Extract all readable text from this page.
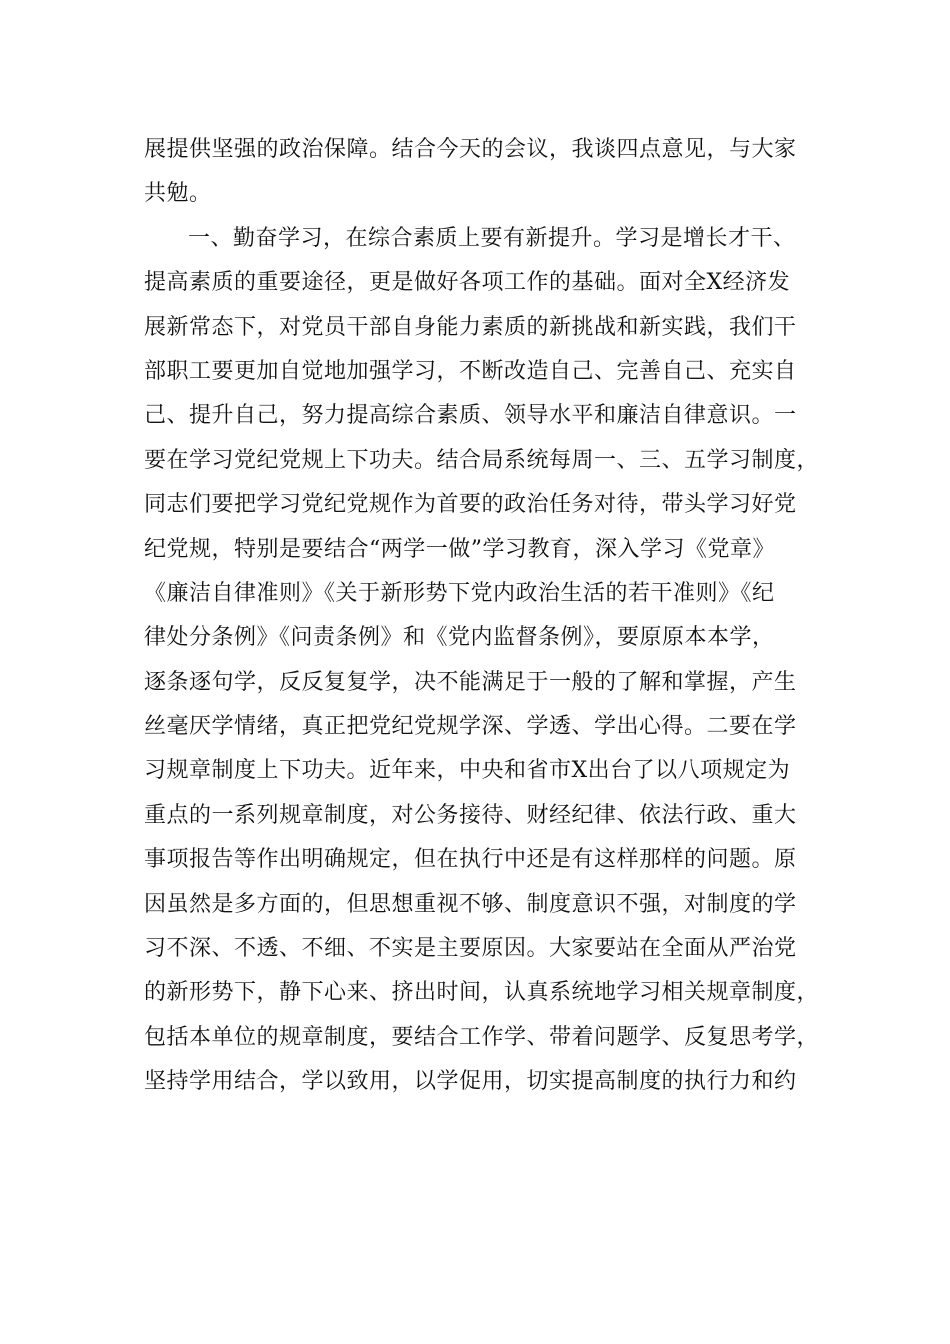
展提供坚强的政治保障。结合今天的会议，我谈四点意见，与大家
共勉。
一、勤奋学习，在综合素质上要有新提升。学习是增长才干、
提高素质的重要途径，更是做好各项工作的基础。面对全X经济发
展新常态下，对党员干部自身能力素质的新挑战和新实践，我们干
部职工要更加自觉地加强学习，不断改造自己、完善自己、充实自
己、提升自己，努力提高综合素质、领导水平和廉洁自律意识。一
要在学习党纪党规上下功夫。结合局系统每周一、三、五学习制度，
同志们要把学习党纪党规作为首要的政治任务对待，带头学习好党
纪党规，特别是要结合“两学一做”学习教育，深入学习《党章》
《廉洁自律准则》《关于新形势下党内政治生活的若干准则》《纪
律处分条例》《问责条例》和《党内监督条例》，要原原本本学，
逐条逐句学，反反复复学，决不能满足于一般的了解和掌握，产生
丝毫厌学情绪，真正把党纪党规学深、学透、学出心得。二要在学
习规章制度上下功夫。近年来，中央和省市X出台了以八项规定为
重点的一系列规章制度，对公务接待、财经纪律、依法行政、重大
事项报告等作出明确规定，但在执行中还是有这样那样的问题。原
因虽然是多方面的，但思想重视不够、制度意识不强，对制度的学
习不深、不透、不细、不实是主要原因。大家要站在全面从严治党
的新形势下，静下心来、挤出时间，认真系统地学习相关规章制度，
包括本单位的规章制度，要结合工作学、带着问题学、反复思考学，
坚持学用结合，学以致用，以学促用，切实提高制度的执行力和约
